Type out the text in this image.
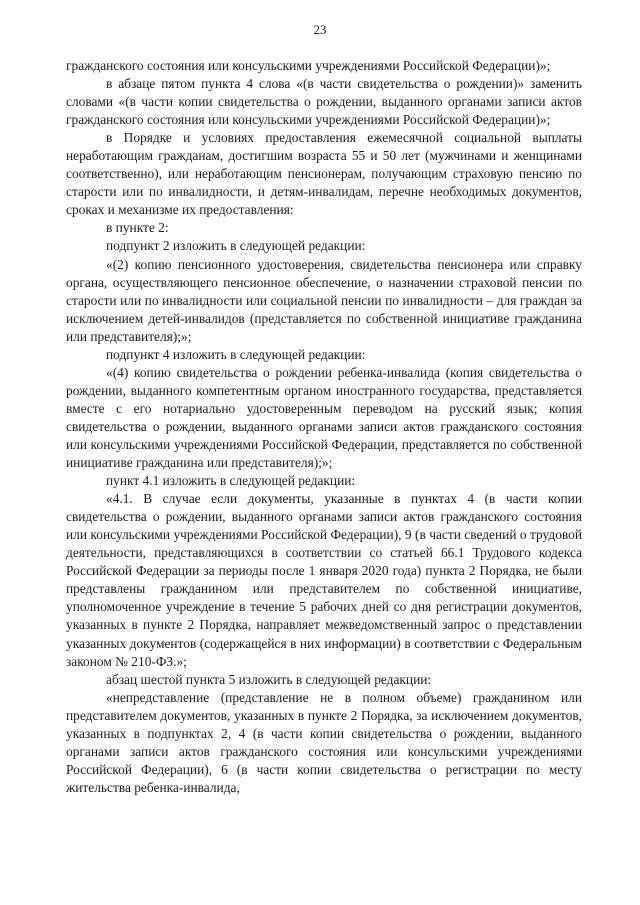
23

гражданского состояния или консульскими учреждениями Российской Федерации)»;

в абзаце пятом пункта 4 слова «(в части свидетельства о рождении)» заменить словами «(в части копии свидетельства о рождении, выданного органами записи актов гражданского состояния или консульскими учреждениями Российской Федерации)»;

в Порядке и условиях предоставления ежемесячной социальной выплаты неработающим гражданам, достигшим возраста 55 и 50 лет (мужчинами и женщинами соответственно), или неработающим пенсионерам, получающим страховую пенсию по старости или по инвалидности, и детям-инвалидам, перечне необходимых документов, сроках и механизме их предоставления:

в пункте 2:

подпункт 2 изложить в следующей редакции:

«(2) копию пенсионного удостоверения, свидетельства пенсионера или справку органа, осуществляющего пенсионное обеспечение, о назначении страховой пенсии по старости или по инвалидности или социальной пенсии по инвалидности – для граждан за исключением детей-инвалидов (представляется по собственной инициативе гражданина или представителя);»;

подпункт 4 изложить в следующей редакции:

«(4) копию свидетельства о рождении ребенка-инвалида (копия свидетельства о рождении, выданного компетентным органом иностранного государства, представляется вместе с его нотариально удостоверенным переводом на русский язык; копия свидетельства о рождении, выданного органами записи актов гражданского состояния или консульскими учреждениями Российской Федерации, представляется по собственной инициативе гражданина или представителя);»;

пункт 4.1 изложить в следующей редакции:

«4.1. В случае если документы, указанные в пунктах 4 (в части копии свидетельства о рождении, выданного органами записи актов гражданского состояния или консульскими учреждениями Российской Федерации), 9 (в части сведений о трудовой деятельности, представляющихся в соответствии со статьей 66.1 Трудового кодекса Российской Федерации за периоды после 1 января 2020 года) пункта 2 Порядка, не были представлены гражданином или представителем по собственной инициативе, уполномоченное учреждение в течение 5 рабочих дней со дня регистрации документов, указанных в пункте 2 Порядка, направляет межведомственный запрос о представлении указанных документов (содержащейся в них информации) в соответствии с Федеральным законом № 210-ФЗ.»;

абзац шестой пункта 5 изложить в следующей редакции:

«непредставление (представление не в полном объеме) гражданином или представителем документов, указанных в пункте 2 Порядка, за исключением документов, указанных в подпунктах 2, 4 (в части копии свидетельства о рождении, выданного органами записи актов гражданского состояния или консульскими учреждениями Российской Федерации), 6 (в части копии свидетельства о регистрации по месту жительства ребенка-инвалида,
